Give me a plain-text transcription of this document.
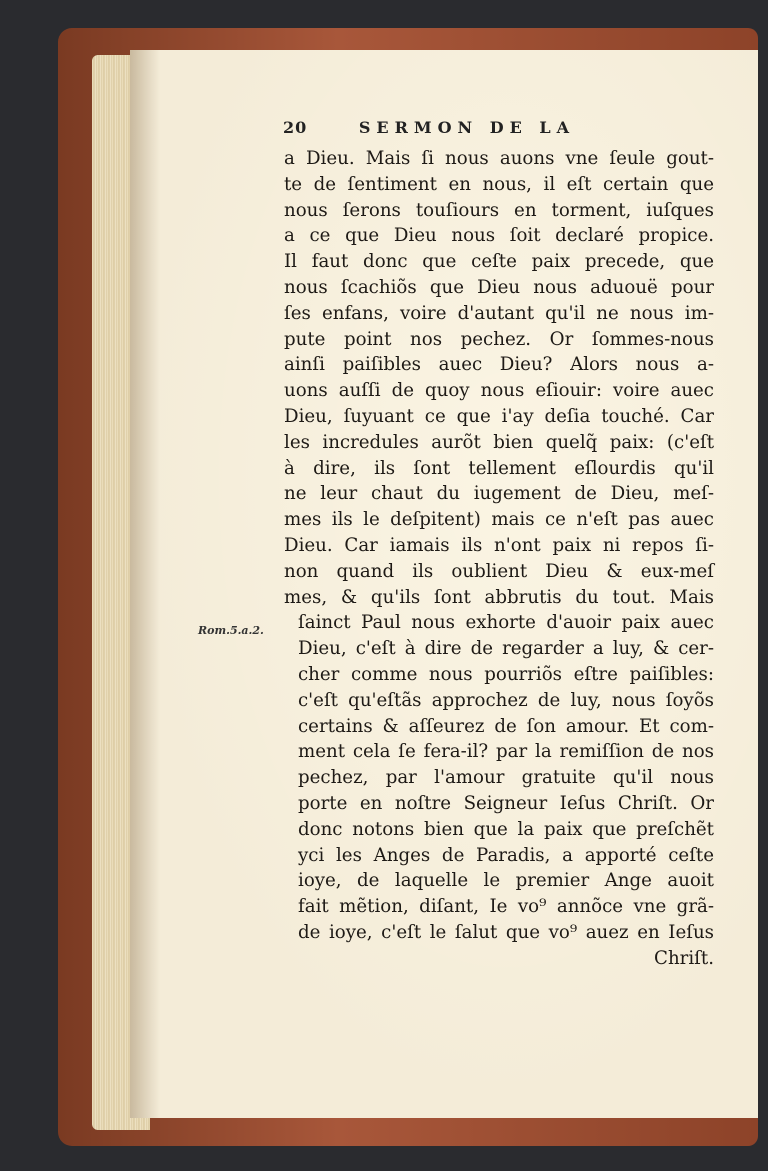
20	SERMON DE LA
Rom.5.a.2.
a Dieu. Mais ſi nous auons vne ſeule gout-
te de ſentiment en nous, il eſt certain que
nous ſerons touſiours en torment, iuſques
a ce que Dieu nous ſoit declaré propice.
Il faut donc que ceſte paix precede, que
nous ſcachiõs que Dieu nous aduouë pour
ſes enfans, voire d'autant qu'il ne nous im-
pute point nos pechez. Or ſommes-nous
ainſi paiſibles auec Dieu? Alors nous a-
uons auſſi de quoy nous eſiouir: voire auec
Dieu, ſuyuant ce que i'ay deſia touché. Car
les incredules aurõt bien quelq̃ paix: (c'eſt
à dire, ils ſont tellement eſlourdis qu'il
ne leur chaut du iugement de Dieu, meſ-
mes ils le deſpitent) mais ce n'eſt pas auec
Dieu. Car iamais ils n'ont paix ni repos ſi-
non quand ils oublient Dieu & eux-meſ
mes, & qu'ils ſont abbrutis du tout. Mais
ſainct Paul nous exhorte d'auoir paix auec
Dieu, c'eſt à dire de regarder a luy, & cer-
cher comme nous pourriõs eſtre paiſibles:
c'eſt qu'eſtãs approchez de luy, nous ſoyõs
certains & aſſeurez de ſon amour. Et com-
ment cela ſe fera-il? par la remiſſion de nos
pechez, par l'amour gratuite qu'il nous
porte en noſtre Seigneur Ieſus Chriſt. Or
donc notons bien que la paix que preſchẽt
yci les Anges de Paradis, a apporté ceſte
ioye, de laquelle le premier Ange auoit
fait mẽtion, diſant, Ie vo⁹ annõce vne grã-
de ioye, c'eſt le ſalut que vo⁹ auez en Ieſus
Chriſt.
